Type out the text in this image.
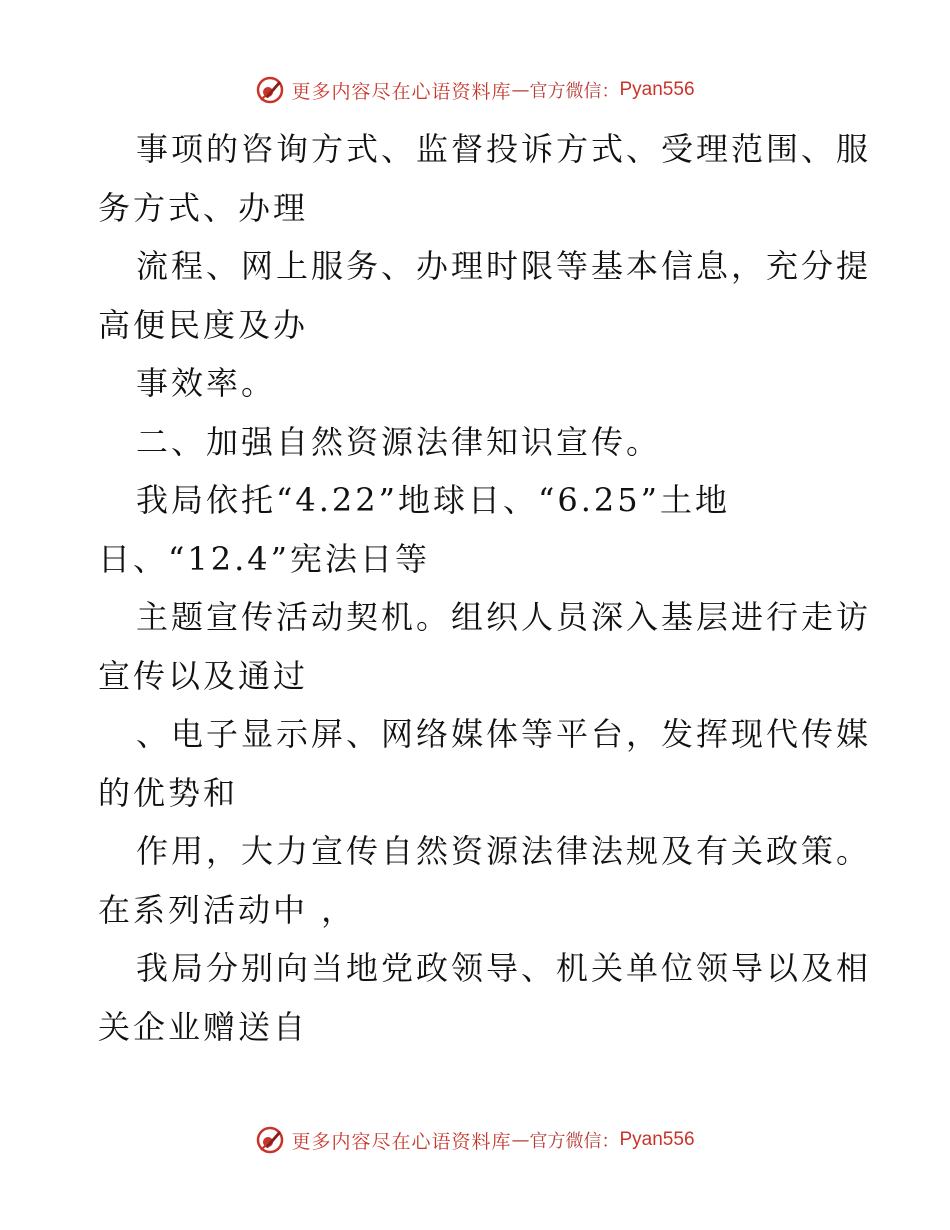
更多内容尽在心语资料库 — 官方微信： Pyan556
事项的咨询方式、监督投诉方式、受理范围、服
务方式、办理
流程、网上服务、办理时限等基本信息，充分提
高便民度及办
事效率。
二、加强自然资源法律知识宣传。
我局依托“4.22”地球日、“6.25”土地
日、“12.4”宪法日等
主题宣传活动契机。组织人员深入基层进行走访
宣传以及通过
、电子显示屏、网络媒体等平台，发挥现代传媒
的优势和
作用，大力宣传自然资源法律法规及有关政策。
在系列活动中 ，
我局分别向当地党政领导、机关单位领导以及相
关企业赠送自
更多内容尽在心语资料库 — 官方微信： Pyan556
